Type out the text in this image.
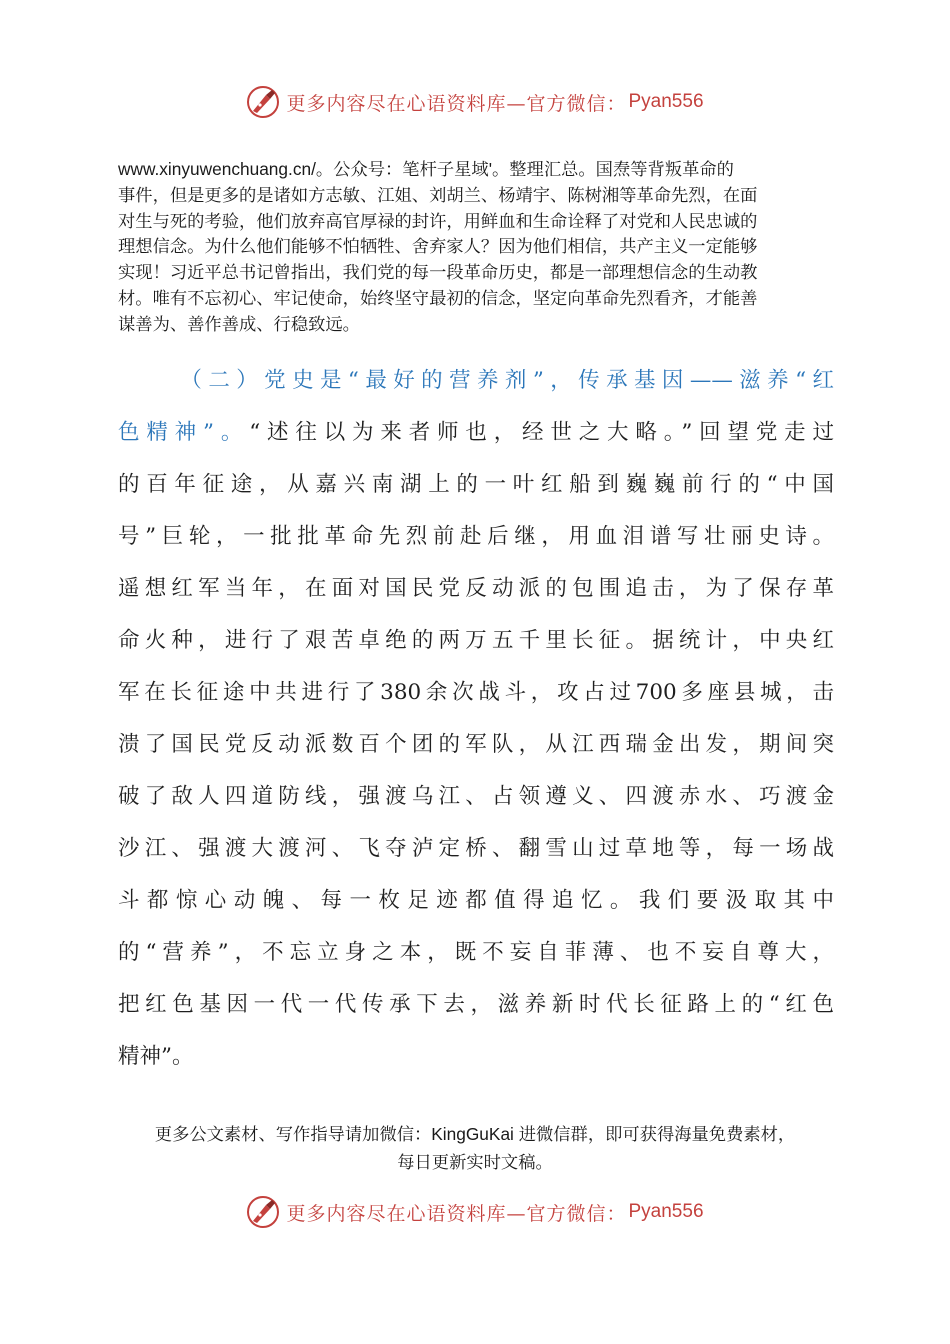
更多内容尽在心语资料库—官方微信： Pyan556
www.xinyuwenchuang.cn/。公众号：笔杆子星域'。整理汇总。国焘等背叛革命的
事件，但是更多的是诸如方志敏、江姐、刘胡兰、杨靖宇、陈树湘等革命先烈，在面
对生与死的考验，他们放弃高官厚禄的封许，用鲜血和生命诠释了对党和人民忠诚的
理想信念。为什么他们能够不怕牺牲、舍弃家人？因为他们相信，共产主义一定能够
实现！习近平总书记曾指出，我们党的每一段革命历史，都是一部理想信念的生动教
材。唯有不忘初心、牢记使命，始终坚守最初的信念，坚定向革命先烈看齐，才能善
谋善为、善作善成、行稳致远。
（二）党史是“最好的营养剂”，传承基因——滋养“红
色精神”。“述往以为来者师也，经世之大略。”回望党走过
的百年征途，从嘉兴南湖上的一叶红船到巍巍前行的“中国
号”巨轮，一批批革命先烈前赴后继，用血泪谱写壮丽史诗。
遥想红军当年，在面对国民党反动派的包围追击，为了保存革
命火种，进行了艰苦卓绝的两万五千里长征。据统计，中央红
军在长征途中共进行了380余次战斗，攻占过700多座县城，击
溃了国民党反动派数百个团的军队，从江西瑞金出发，期间突
破了敌人四道防线，强渡乌江、占领遵义、四渡赤水、巧渡金
沙江、强渡大渡河、飞夺泸定桥、翻雪山过草地等，每一场战
斗都惊心动魄、每一枚足迹都值得追忆。我们要汲取其中
的“营养”，不忘立身之本，既不妄自菲薄、也不妄自尊大，
把红色基因一代一代传承下去，滋养新时代长征路上的“红色
精神”。
更多公文素材、写作指导请加微信：KingGuKai 进微信群，即可获得海量免费素材，
每日更新实时文稿。
更多内容尽在心语资料库—官方微信： Pyan556
